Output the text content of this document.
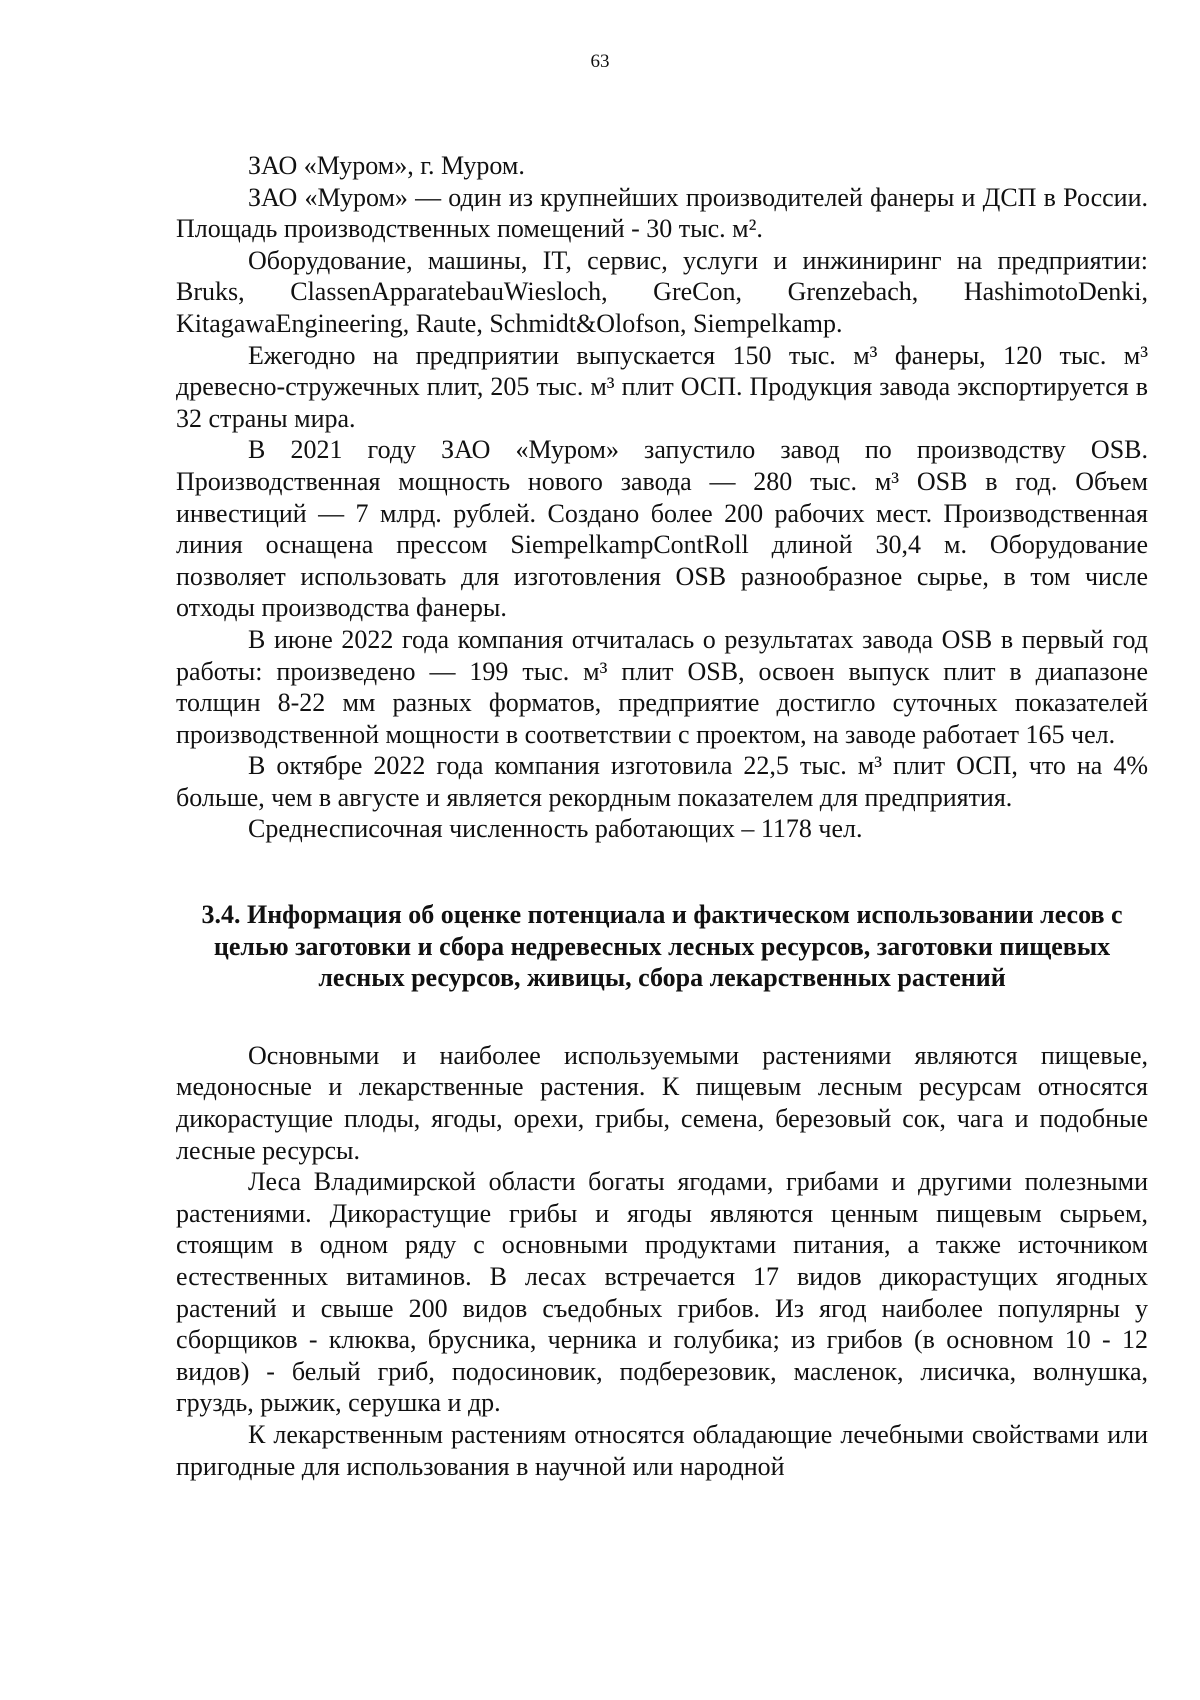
63

ЗАО «Муром», г. Муром.

ЗАО «Муром» — один из крупнейших производителей фанеры и ДСП в России. Площадь производственных помещений - 30 тыс. м².

Оборудование, машины, IT, сервис, услуги и инжиниринг на предприятии: Bruks, ClassenApparatebauWiesloch, GreCon, Grenzebach, HashimotoDenki, KitagawaEngineering, Raute, Schmidt&Olofson, Siempelkamp.

Ежегодно на предприятии выпускается 150 тыс. м³ фанеры, 120 тыс. м³ древесно-стружечных плит, 205 тыс. м³ плит ОСП. Продукция завода экспортируется в 32 страны мира.

В 2021 году ЗАО «Муром» запустило завод по производству OSB. Производственная мощность нового завода — 280 тыс. м³ OSB в год. Объем инвестиций — 7 млрд. рублей. Создано более 200 рабочих мест. Производственная линия оснащена прессом SiempelkampContRoll длиной 30,4 м. Оборудование позволяет использовать для изготовления OSB разнообразное сырье, в том числе отходы производства фанеры.

В июне 2022 года компания отчиталась о результатах завода OSB в первый год работы: произведено — 199 тыс. м³ плит OSB, освоен выпуск плит в диапазоне толщин 8-22 мм разных форматов, предприятие достигло суточных показателей производственной мощности в соответствии с проектом, на заводе работает 165 чел.

В октябре 2022 года компания изготовила 22,5 тыс. м³ плит ОСП, что на 4% больше, чем в августе и является рекордным показателем для предприятия.

Среднесписочная численность работающих – 1178 чел.

3.4. Информация об оценке потенциала и фактическом использовании лесов с целью заготовки и сбора недревесных лесных ресурсов, заготовки пищевых лесных ресурсов, живицы, сбора лекарственных растений

Основными и наиболее используемыми растениями являются пищевые, медоносные и лекарственные растения. К пищевым лесным ресурсам относятся дикорастущие плоды, ягоды, орехи, грибы, семена, березовый сок, чага и подобные лесные ресурсы.

Леса Владимирской области богаты ягодами, грибами и другими полезными растениями. Дикорастущие грибы и ягоды являются ценным пищевым сырьем, стоящим в одном ряду с основными продуктами питания, а также источником естественных витаминов. В лесах встречается 17 видов дикорастущих ягодных растений и свыше 200 видов съедобных грибов. Из ягод наиболее популярны у сборщиков - клюква, брусника, черника и голубика; из грибов (в основном 10 - 12 видов) - белый гриб, подосиновик, подберезовик, масленок, лисичка, волнушка, груздь, рыжик, серушка и др.

К лекарственным растениям относятся обладающие лечебными свойствами или пригодные для использования в научной или народной
